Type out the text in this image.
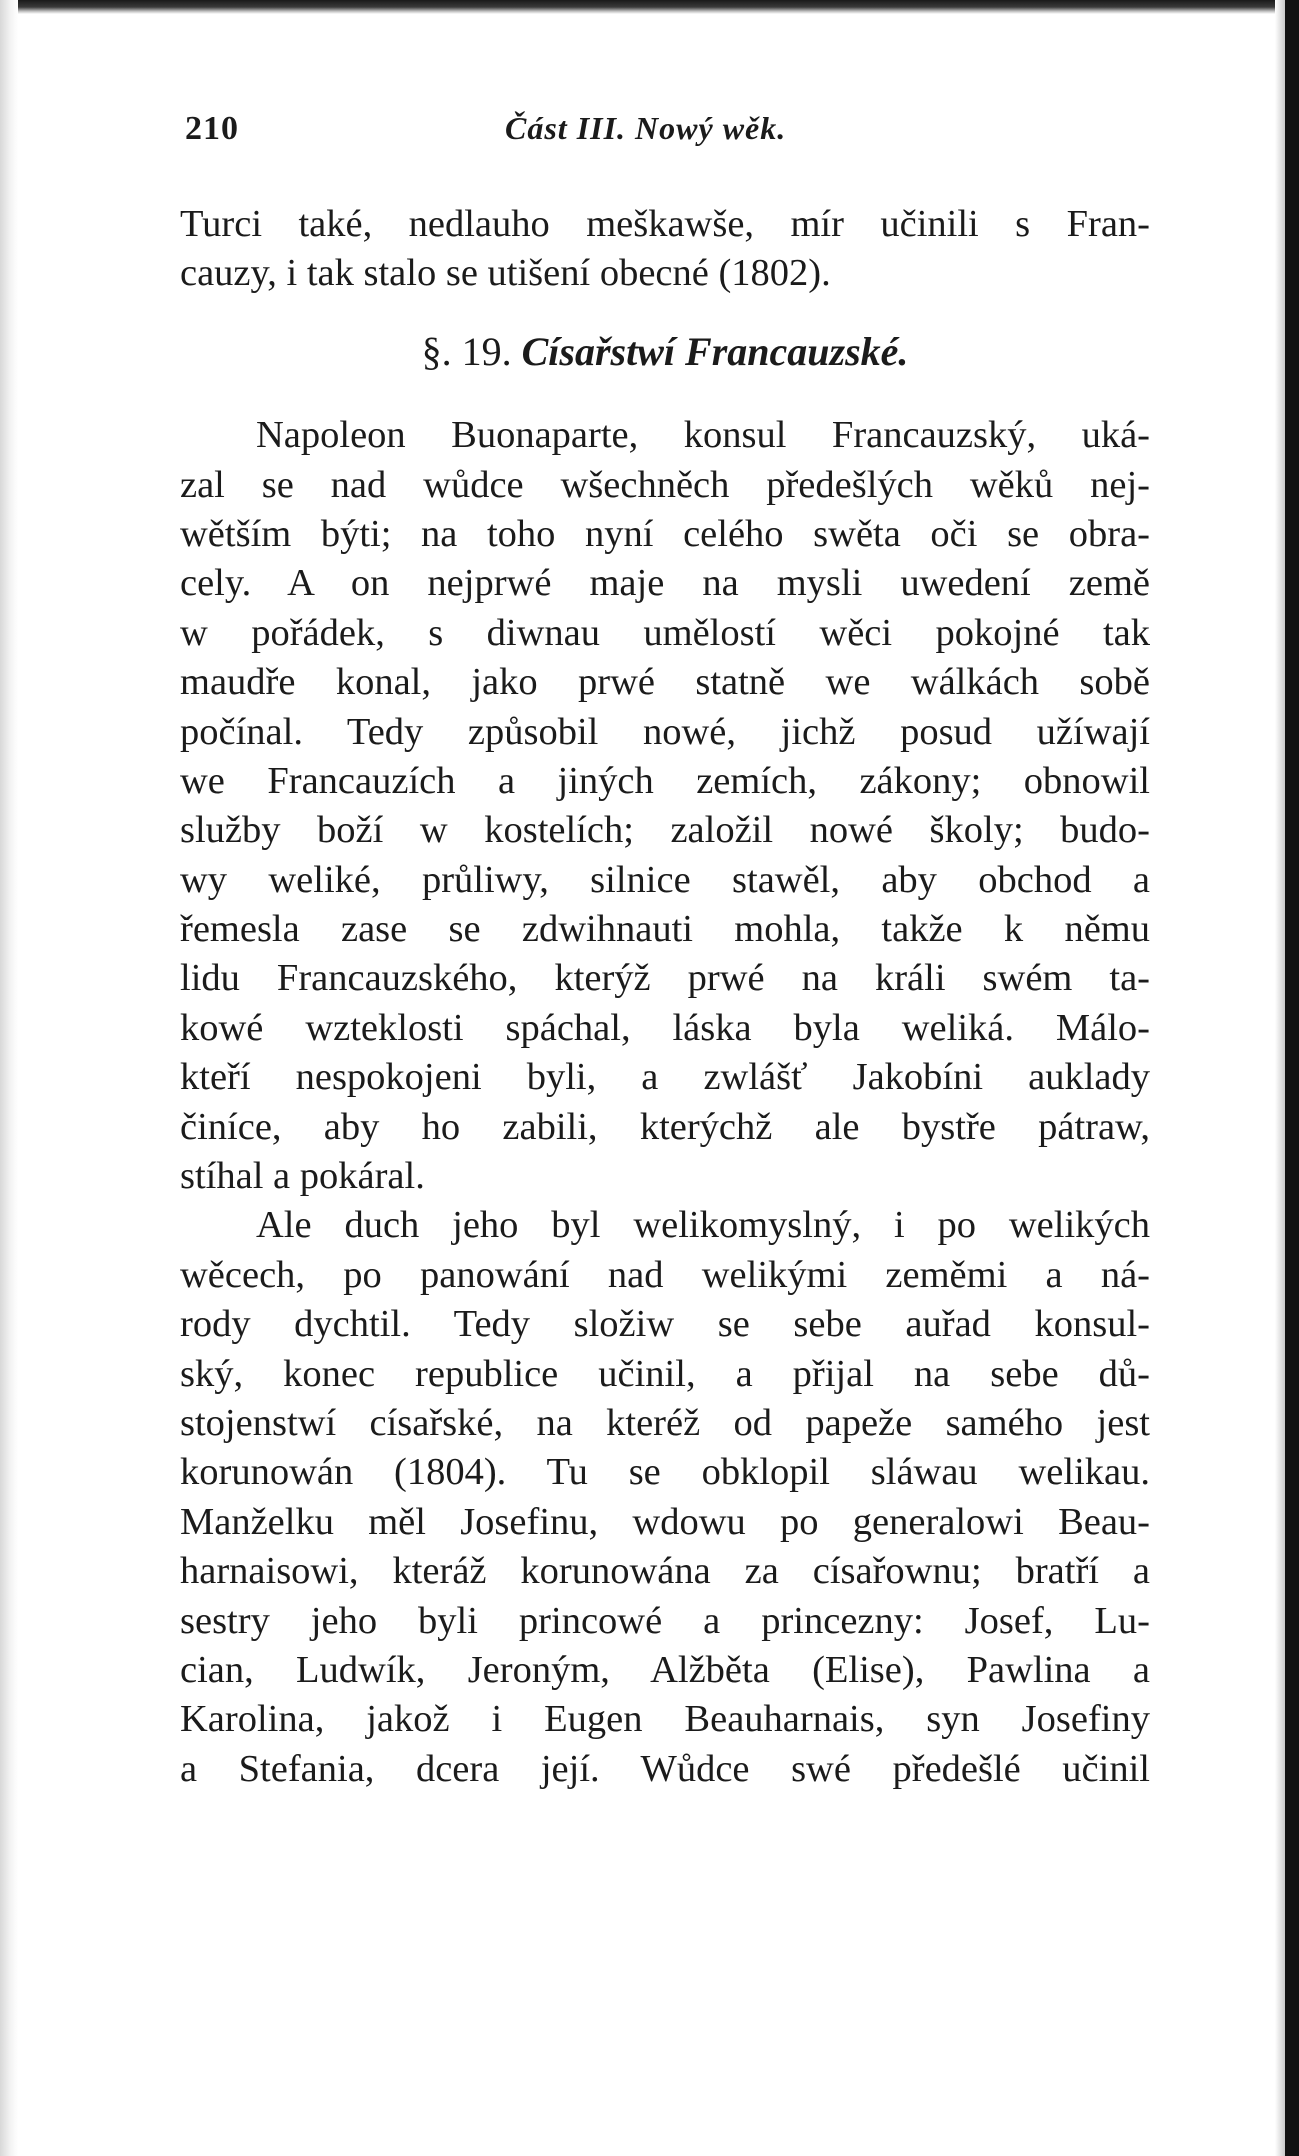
210	Část III. Nowý wěk.
Turci také, nedlauho meškawše, mír učinili s Fran-
cauzy, i tak stalo se utišení obecné (1802).
§. 19. Císařstwí Francauzské.
Napoleon Buonaparte, konsul Francauzský, uká-
zal se nad wůdce wšechněch předešlých wěků nej-
wětším býti; na toho nyní celého swěta oči se obra-
cely. A on nejprwé maje na mysli uwedení země
w pořádek, s diwnau umělostí wěci pokojné tak
maudře konal, jako prwé statně we wálkách sobě
počínal. Tedy způsobil nowé, jichž posud užíwají
we Francauzích a jiných zemích, zákony; obnowil
služby boží w kostelích; založil nowé školy; budo-
wy weliké, průliwy, silnice stawěl, aby obchod a
řemesla zase se zdwihnauti mohla, takže k němu
lidu Francauzského, kterýž prwé na králi swém ta-
kowé wzteklosti spáchal, láska byla weliká. Málo-
kteří nespokojeni byli, a zwlášť Jakobíni auklady
činíce, aby ho zabili, kterýchž ale bystře pátraw,
stíhal a pokáral.
Ale duch jeho byl welikomyslný, i po welikých
wěcech, po panowání nad welikými zeměmi a ná-
rody dychtil. Tedy složiw se sebe auřad konsul-
ský, konec republice učinil, a přijal na sebe dů-
stojenstwí císařské, na kteréž od papeže samého jest
korunowán (1804). Tu se obklopil sláwau welikau.
Manželku měl Josefinu, wdowu po generalowi Beau-
harnaisowi, kteráž korunowána za císařownu; bratří a
sestry jeho byli princowé a princezny: Josef, Lu-
cian, Ludwík, Jeroným, Alžběta (Elise), Pawlina a
Karolina, jakož i Eugen Beauharnais, syn Josefiny
a Stefania, dcera její. Wůdce swé předešlé učinil
